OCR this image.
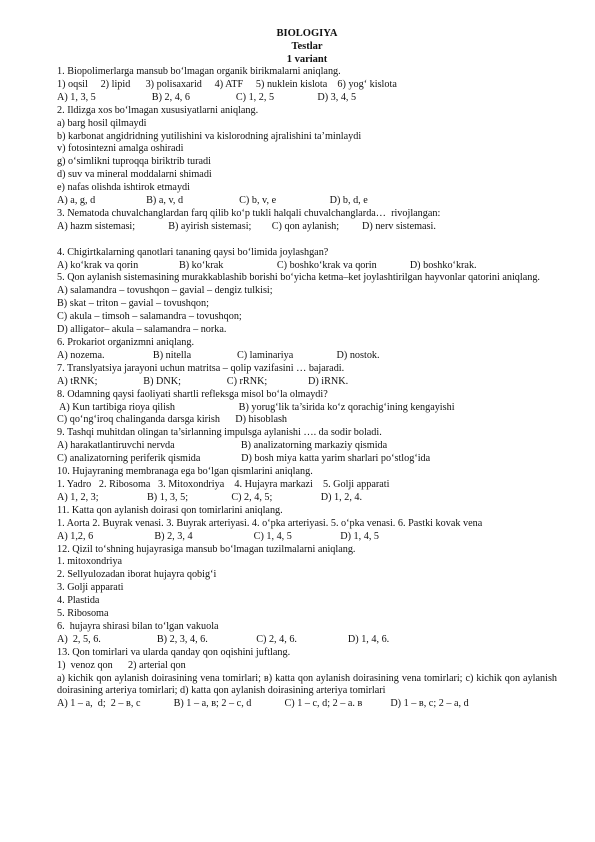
BIOLOGIYA
Testlar
1 variant
1. Biopolimerlarga mansub bo‘lmagan organik birikmalarni aniqlang.
1) oqsil     2) lipid      3) polisaxarid     4) ATF     5) nuklein kislota    6) yog‘ kislota
A) 1, 3, 5                      B) 2, 4, 6                  C) 1, 2, 5                 D) 3, 4, 5
2. Ildizga xos bo‘lmagan xususiyatlarni aniqlang.
a) barg hosil qilmaydi
b) karbonat angidridning yutilishini va kislorodning ajralishini ta’minlaydi
v) fotosintezni amalga oshiradi
g) o‘simlikni tuproqqa biriktrib turadi
d) suv va mineral moddalarni shimadi
e) nafas olishda ishtirok etmaydi
A) a, g, d                    B) a, v, d                      C) b, v, e                     D) b, d, e
3. Nematoda chuvalchanglardan farq qilib ko‘p tukli halqali chuvalchanglarda…  rivojlangan:
A) hazm sistemasi;             B) ayirish sistemasi;        C) qon aylanish;         D) nerv sistemasi.
4. Chigirtkalarning qanotlari tananing qaysi bo‘limida joylashgan?
A) ko‘krak va qorin                B) ko‘krak                     C) boshko‘krak va qorin             D) boshko‘krak.
5. Qon aylanish sistemasining murakkablashib borishi bo‘yicha ketma–ket joylashtirilgan hayvonlar qatorini aniqlang.
A) salamandra – tovushqon – gavial – dengiz tulkisi;
B) skat – triton – gavial – tovushqon;
C) akula – timsoh – salamandra – tovushqon;
D) alligator– akula – salamandra – norka.
6. Prokariot organizmni aniqlang.
A) nozema.                   B) nitella                  C) laminariya                 D) nostok.
7. Translyatsiya jarayoni uchun matritsa – qolip vazifasini … bajaradi.
A) tRNK;                  B) DNK;                  C) rRNK;                D) iRNK.
8. Odamning qaysi faoliyati shartli refleksga misol bo‘la olmaydi?
A) Kun tartibiga rioya qilish                         B) yorug‘lik ta’sirida ko‘z qorachig‘ining kengayishi
C) qo‘ng‘iroq chalinganda darsga kirish      D) hisoblash
9. Tashqi muhitdan olingan ta’sirlanning impulsga aylanishi …. da sodir boladi.
A) harakatlantiruvchi nervda                          B) analizatorning markaziy qismida
C) analizatorning periferik qismida                D) bosh miya katta yarim sharlari po‘stlog‘ida
10. Hujayraning membranaga ega bo‘lgan qismlarini aniqlang.
1. Yadro   2. Ribosoma   3. Mitoxondriya    4. Hujayra markazi    5. Golji apparati
A) 1, 2, 3;                   B) 1, 3, 5;                 C) 2, 4, 5;                   D) 1, 2, 4.
11. Katta qon aylanish doirasi qon tomirlarini aniqlang.
1. Aorta 2. Buyrak venasi. 3. Buyrak arteriyasi. 4. o‘pka arteriyasi. 5. o‘pka venasi. 6. Pastki kovak vena
A) 1,2, 6                        B) 2, 3, 4                        C) 1, 4, 5                   D) 1, 4, 5
12. Qizil to‘shning hujayrasiga mansub bo‘lmagan tuzilmalarni aniqlang.
1. mitoxondriya
2. Sellyulozadan iborat hujayra qobig‘i
3. Golji apparati
4. Plastida
5. Ribosoma
6.  hujayra shirasi bilan to‘lgan vakuola
A)  2, 5, 6.                      B) 2, 3, 4, 6.                   C) 2, 4, 6.                    D) 1, 4, 6.
13. Qon tomirlari va ularda qanday qon oqishini juftlang.
1)  venoz qon      2) arterial qon
a) kichik qon aylanish doirasining vena tomirlari; в) katta qon aylanish doirasining vena tomirlari; c) kichik qon aylanish doirasining arteriya tomirlari; d) katta qon aylanish doirasining arteriya tomirlari
A) 1 – a,  d;  2 – в, c             B) 1 – a, в; 2 – c, d             C) 1 – c, d; 2 – a. в           D) 1 – в, c; 2 – a, d
